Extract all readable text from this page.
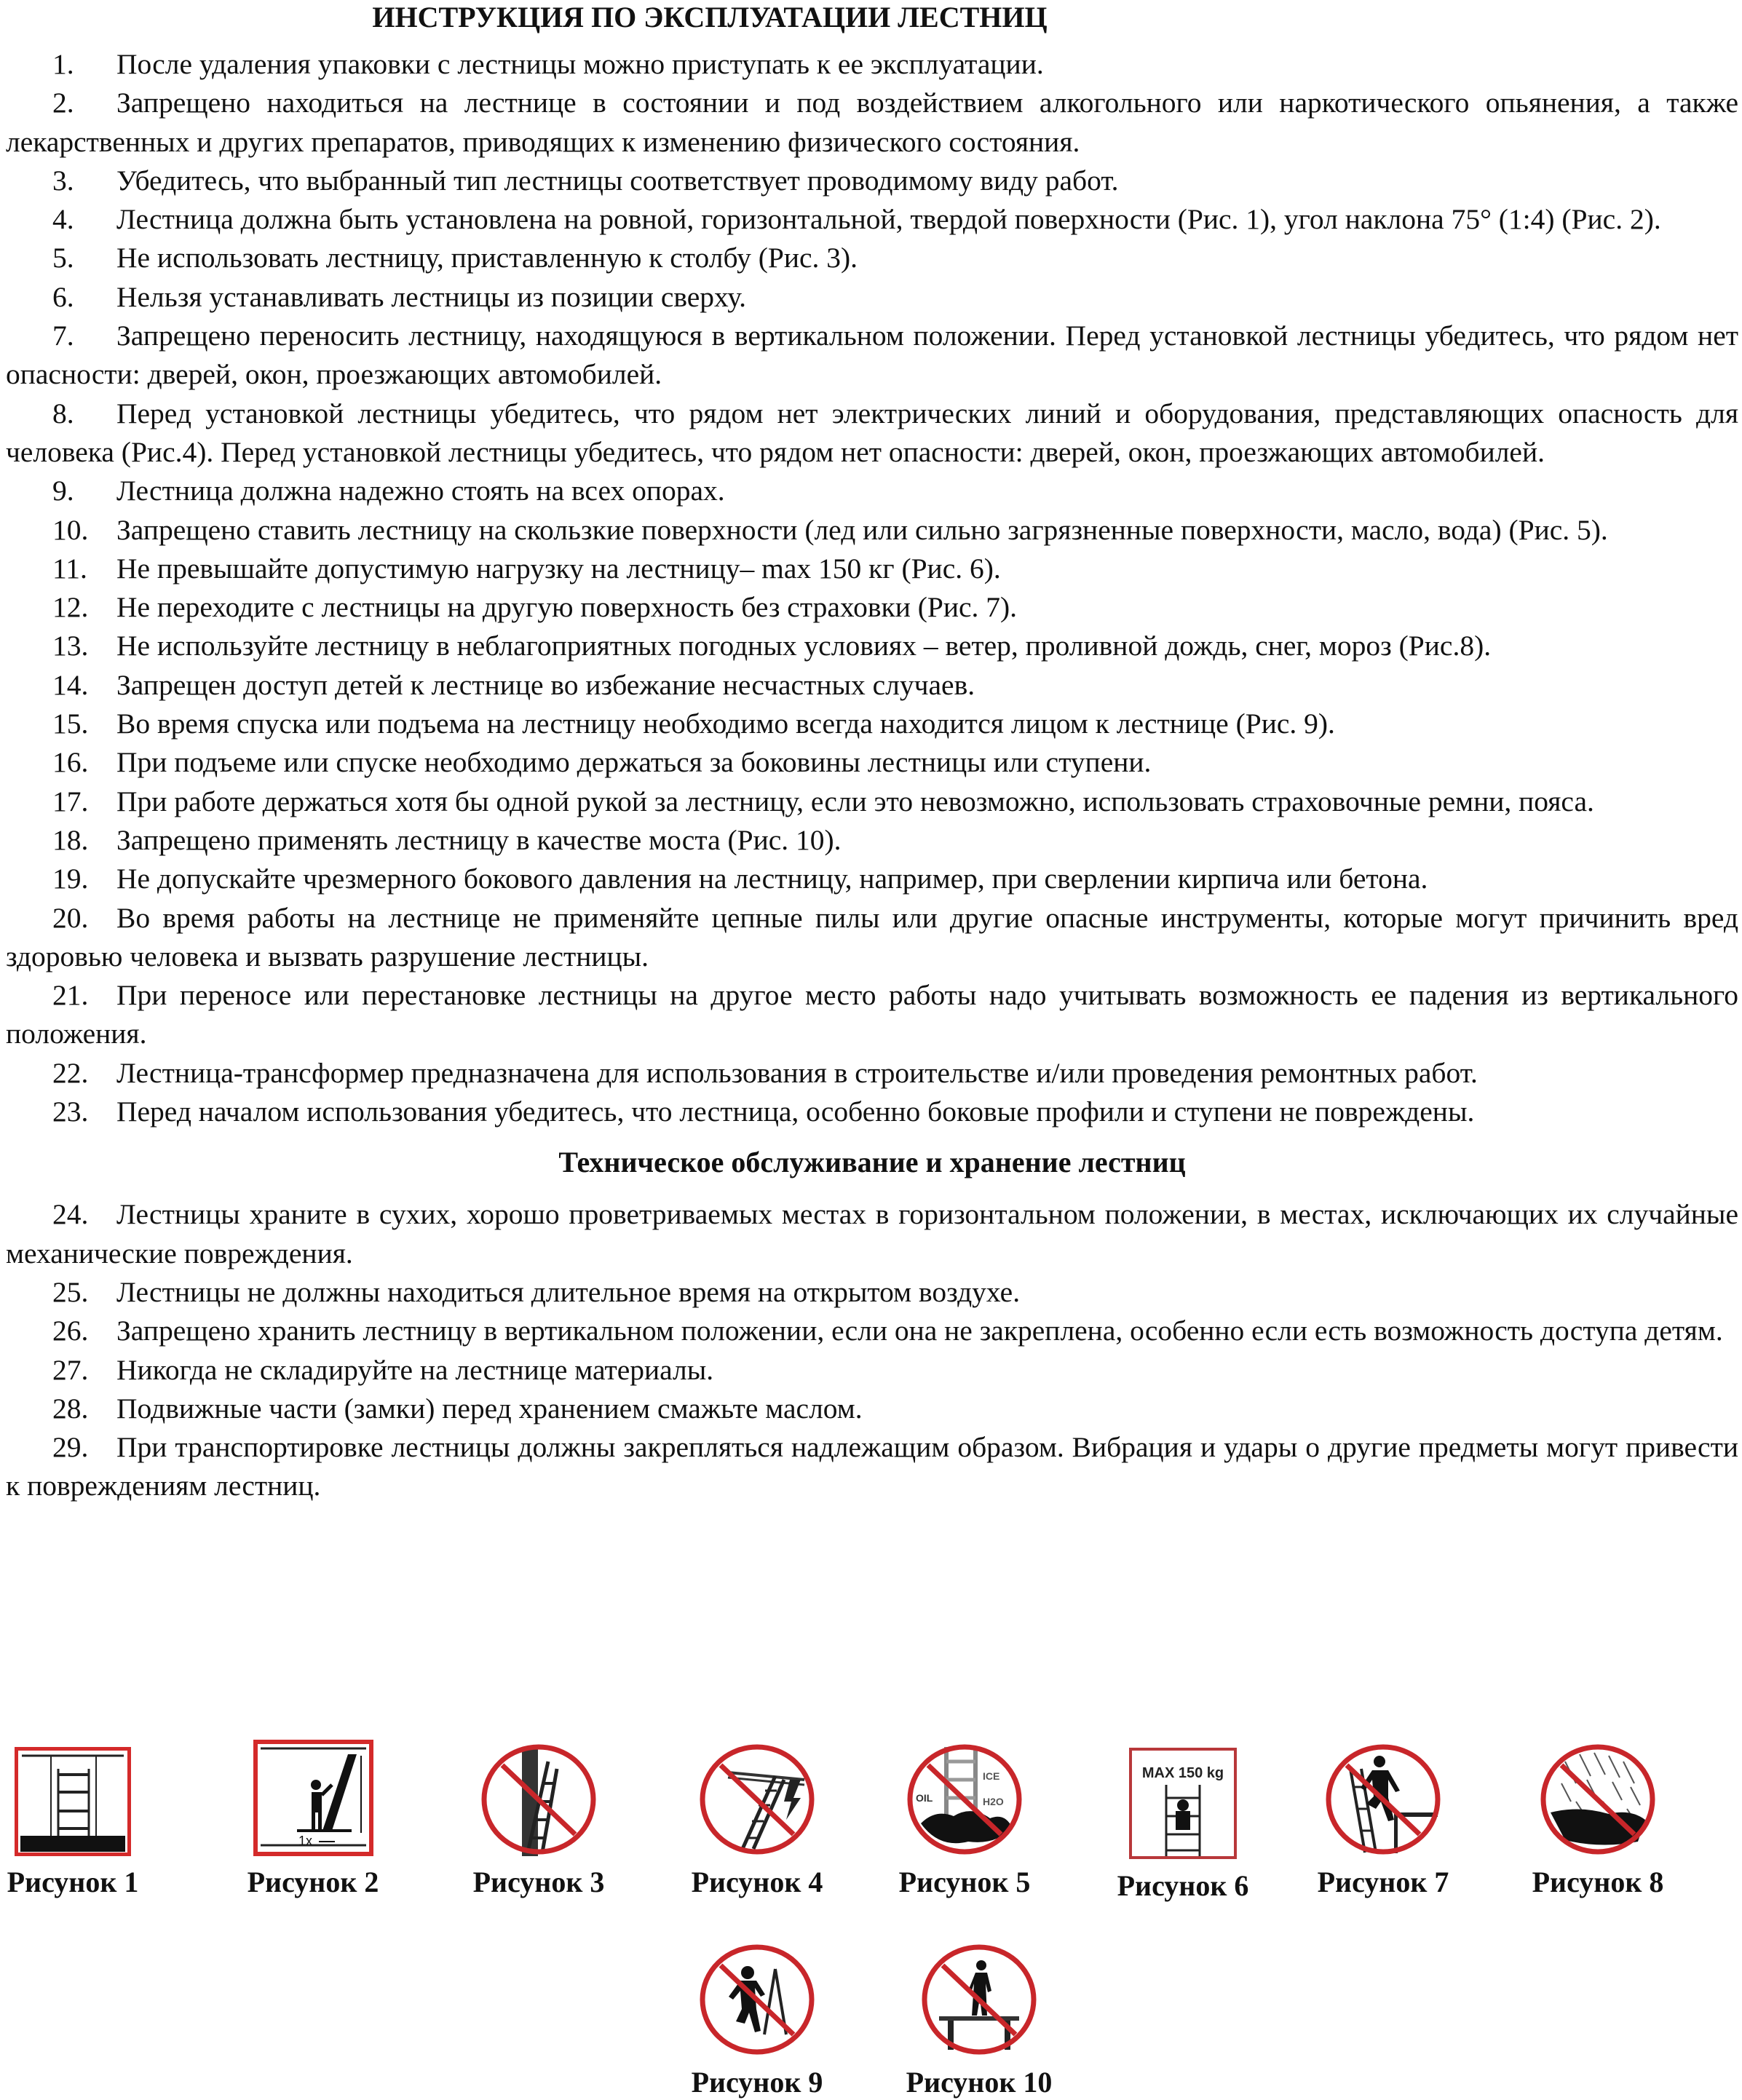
ИНСТРУКЦИЯ ПО ЭКСПЛУАТАЦИИ ЛЕСТНИЦ

1. После удаления упаковки с лестницы можно приступать к ее эксплуатации.

2. Запрещено находиться на лестнице в состоянии и под воздействием алкогольного или наркотического опьянения, а также лекарственных и других препаратов, приводящих к изменению физического состояния.

3. Убедитесь, что выбранный тип лестницы соответствует проводимому виду работ.

4. Лестница должна быть установлена на ровной, горизонтальной, твердой поверхности (Рис. 1), угол наклона 75° (1:4) (Рис. 2).

5. Не использовать лестницу, приставленную к столбу (Рис. 3).

6. Нельзя устанавливать лестницы из позиции сверху.

7. Запрещено переносить лестницу, находящуюся в вертикальном положении. Перед установкой лестницы убедитесь, что рядом нет опасности: дверей, окон, проезжающих автомобилей.

8. Перед установкой лестницы убедитесь, что рядом нет электрических линий и оборудования, представляющих опасность для человека (Рис.4). Перед установкой лестницы убедитесь, что рядом нет опасности: дверей, окон, проезжающих автомобилей.

9. Лестница должна надежно стоять на всех опорах.

10. Запрещено ставить лестницу на скользкие поверхности (лед или сильно загрязненные поверхности, масло, вода) (Рис. 5).

11. Не превышайте допустимую нагрузку на лестницу– max 150 кг (Рис. 6).

12. Не переходите с лестницы на другую поверхность без страховки (Рис. 7).

13. Не используйте лестницу в неблагоприятных погодных условиях – ветер, проливной дождь, снег, мороз (Рис.8).

14. Запрещен доступ детей к лестнице во избежание несчастных случаев.

15. Во время спуска или подъема на лестницу необходимо всегда находится лицом к лестнице (Рис. 9).

16. При подъеме или спуске необходимо держаться за боковины лестницы или ступени.

17. При работе держаться хотя бы одной рукой за лестницу, если это невозможно, использовать страховочные ремни, пояса.

18. Запрещено применять лестницу в качестве моста (Рис. 10).

19. Не допускайте чрезмерного бокового давления на лестницу, например, при сверлении кирпича или бетона.

20. Во время работы на лестнице не применяйте цепные пилы или другие опасные инструменты, которые могут причинить вред здоровью человека и вызвать разрушение лестницы.

21. При переносе или перестановке лестницы на другое место работы надо учитывать возможность ее падения из вертикального положения.

22. Лестница-трансформер предназначена для использования в строительстве и/или проведения ремонтных работ.

23. Перед началом использования убедитесь, что лестница, особенно боковые профили и ступени не повреждены.

Техническое обслуживание и хранение лестниц

24. Лестницы храните в сухих, хорошо проветриваемых местах в горизонтальном положении, в местах, исключающих их случайные механические повреждения.

25. Лестницы не должны находиться длительное время на открытом воздухе.

26. Запрещено хранить лестницу в вертикальном положении, если она не закреплена, особенно если есть возможность доступа детям.

27. Никогда не складируйте на лестнице материалы.

28. Подвижные части (замки) перед хранением смажьте маслом.

29. При транспортировке лестницы должны закрепляться надлежащим образом. Вибрация и удары о другие предметы могут привести к повреждениям лестниц.

Рисунок 1
1x
Рисунок 2	Рисунок 3	Рисунок 4
OIL
ICE
H2O
Рисунок 5
MAX 150 kg
Рисунок 6	Рисунок 7	Рисунок 8
Рисунок 9	Рисунок 10
